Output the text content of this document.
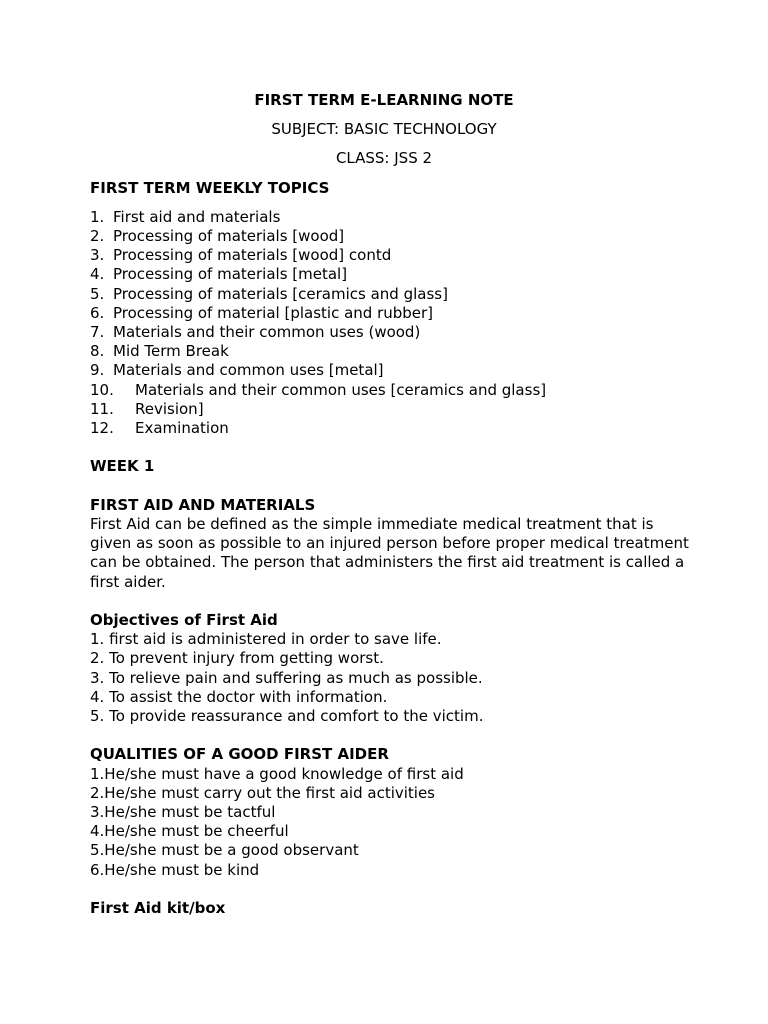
FIRST TERM E-LEARNING NOTE

SUBJECT: BASIC TECHNOLOGY

CLASS: JSS 2

FIRST TERM WEEKLY TOPICS

1. First aid and materials
2. Processing of materials [wood]
3. Processing of materials [wood] contd
4. Processing of materials [metal]
5. Processing of materials [ceramics and glass]
6. Processing of material [plastic and rubber]
7. Materials and their common uses (wood)
8. Mid Term Break
9. Materials and common uses [metal]
10.	Materials and their common uses [ceramics and glass]
11.	Revision]
12.	Examination

WEEK 1

FIRST AID AND MATERIALS

First Aid can be defined as the simple immediate medical treatment that is given as soon as possible to an injured person before proper medical treatment can be obtained. The person that administers the first aid treatment is called a first aider.

Objectives of First Aid

1. first aid is administered in order to save life.
2. To prevent injury from getting worst.
3. To relieve pain and suffering as much as possible.
4. To assist the doctor with information.
5. To provide reassurance and comfort to the victim.

QUALITIES OF A GOOD FIRST AIDER

1.He/she must have a good knowledge of first aid
2.He/she must carry out the first aid activities
3.He/she must be tactful
4.He/she must be cheerful
5.He/she must be a good observant
6.He/she must be kind

First Aid kit/box
